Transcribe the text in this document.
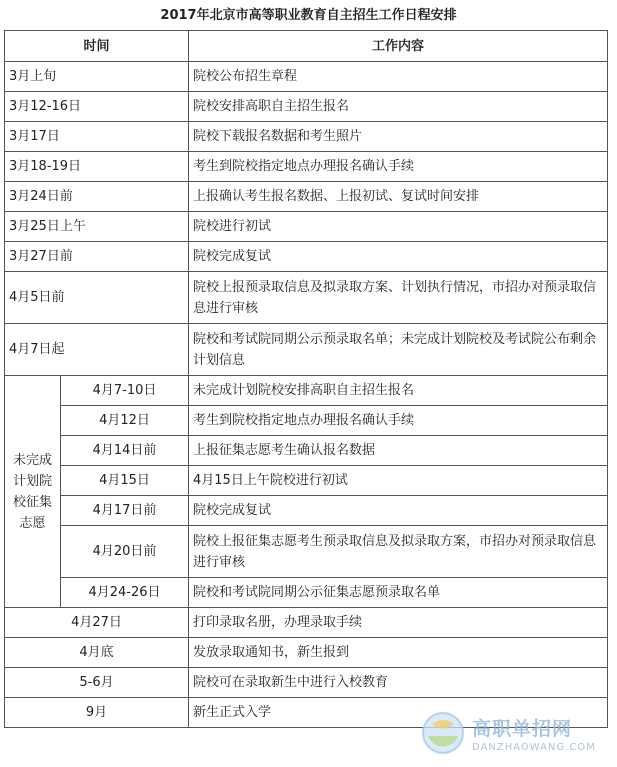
2017年北京市高等职业教育自主招生工作日程安排
时间		工作内容
3月上旬		院校公布招生章程
3月12-16日		院校安排高职自主招生报名
3月17日		院校下载报名数据和考生照片
3月18-19日		考生到院校指定地点办理报名确认手续
3月24日前		上报确认考生报名数据、上报初试、复试时间安排
3月25日上午		院校进行初试
3月27日前		院校完成复试
4月5日前		院校上报预录取信息及拟录取方案、计划执行情况，市招办对预录取信息进行审核
4月7日起		院校和考试院同期公示预录取名单；未完成计划院校及考试院公布剩余计划信息
未完成计划院校征集志愿	4月7-10日	未完成计划院校安排高职自主招生报名
	4月12日	考生到院校指定地点办理报名确认手续
	4月14日前	上报征集志愿考生确认报名数据
	4月15日	4月15日上午院校进行初试
	4月17日前	院校完成复试
	4月20日前	院校上报征集志愿考生预录取信息及拟录取方案，市招办对预录取信息进行审核
	4月24-26日	院校和考试院同期公示征集志愿预录取名单
4月27日		打印录取名册，办理录取手续
4月底		发放录取通知书，新生报到
5-6月		院校可在录取新生中进行入校教育
9月		新生正式入学
高职单招网
DANZHAOWANG.COM
